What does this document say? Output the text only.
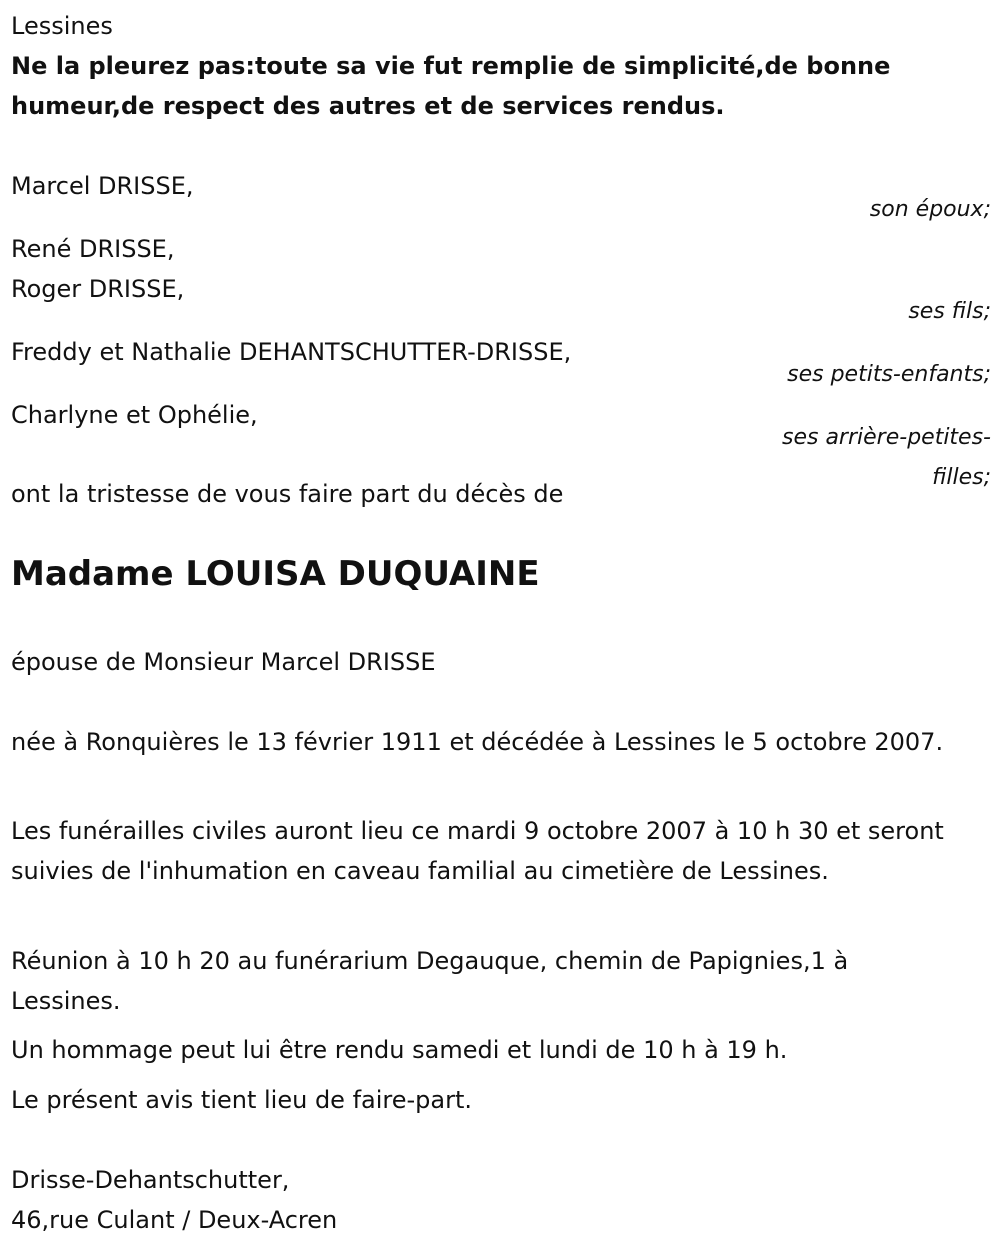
Lessines

Ne la pleurez pas:toute sa vie fut remplie de simplicité,de bonne humeur,de respect des autres et de services rendus.

Marcel DRISSE,

son époux;

René DRISSE,

Roger DRISSE,

ses fils;

Freddy et Nathalie DEHANTSCHUTTER-DRISSE,

ses petits-enfants;

Charlyne et Ophélie,

ses arrière-petites-filles;

ont la tristesse de vous faire part du décès de

Madame LOUISA DUQUAINE

épouse de Monsieur Marcel DRISSE

née à Ronquières le 13 février 1911 et décédée à Lessines le 5 octobre 2007.

Les funérailles civiles auront lieu ce mardi 9 octobre 2007 à 10 h 30 et seront suivies de l'inhumation en caveau familial au cimetière de Lessines.

Réunion à 10 h 20 au funérarium Degauque, chemin de Papignies,1 à Lessines.

Un hommage peut lui être rendu samedi et lundi de 10 h à 19 h.

Le présent avis tient lieu de faire-part.

Drisse-Dehantschutter,

46,rue Culant / Deux-Acren
